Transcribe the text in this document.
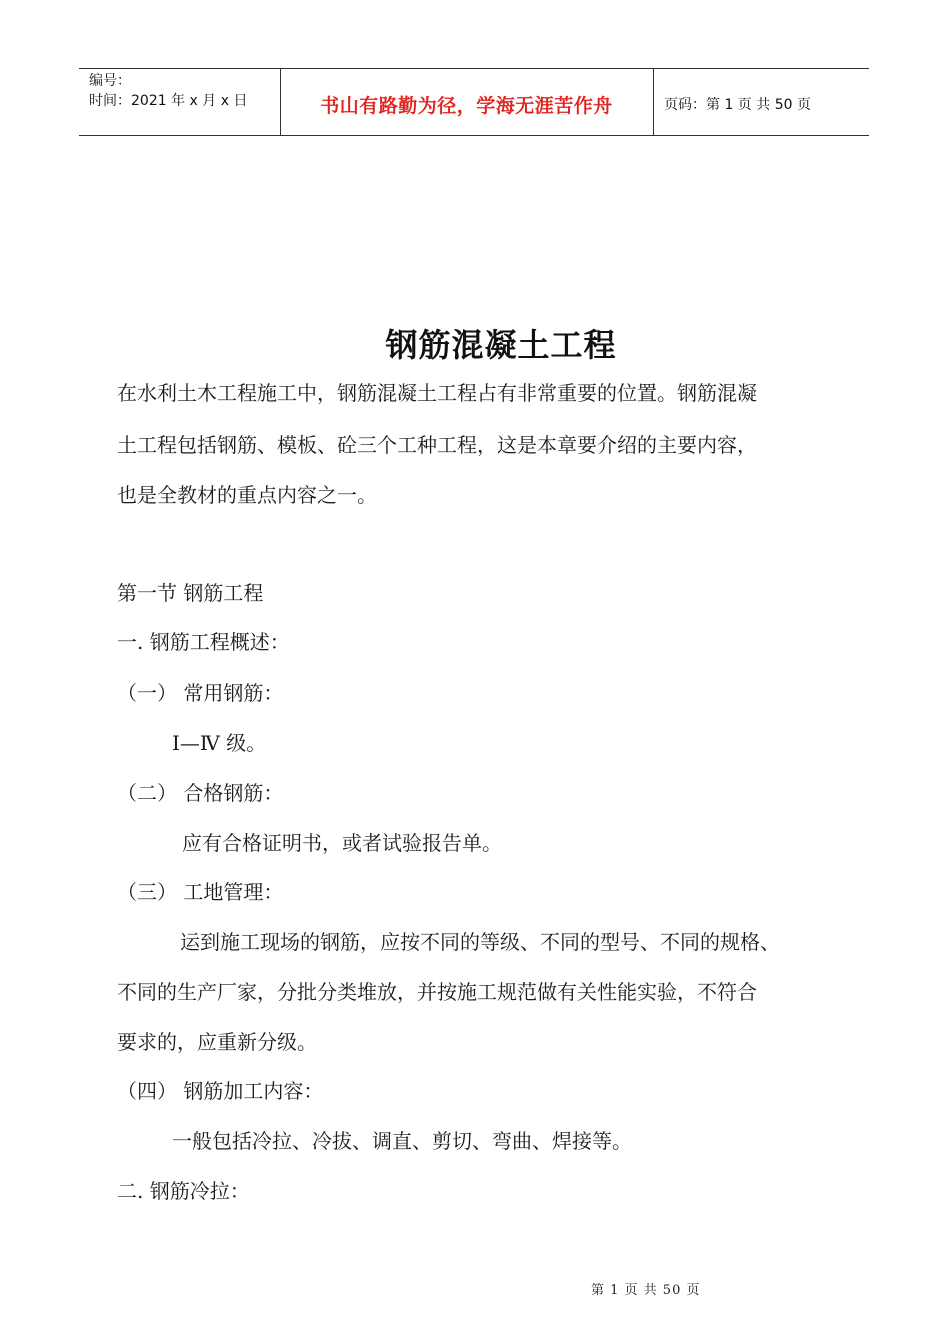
编号：
时间：2021 年 x 月 x 日	书山有路勤为径，学海无涯苦作舟	页码：第 1 页 共 50 页
钢筋混凝土工程
在水利土木工程施工中，钢筋混凝土工程占有非常重要的位置。钢筋混凝
土工程包括钢筋、模板、砼三个工种工程，这是本章要介绍的主要内容，
也是全教材的重点内容之一。
第一节 钢筋工程
一. 钢筋工程概述：
（一） 常用钢筋：
I—Ⅳ 级。
（二） 合格钢筋：
应有合格证明书，或者试验报告单。
（三） 工地管理：
运到施工现场的钢筋，应按不同的等级、不同的型号、不同的规格、
不同的生产厂家，分批分类堆放，并按施工规范做有关性能实验，不符合
要求的，应重新分级。
（四） 钢筋加工内容：
一般包括冷拉、冷拔、调直、剪切、弯曲、焊接等。
二. 钢筋冷拉：
第 1 页 共 50 页
